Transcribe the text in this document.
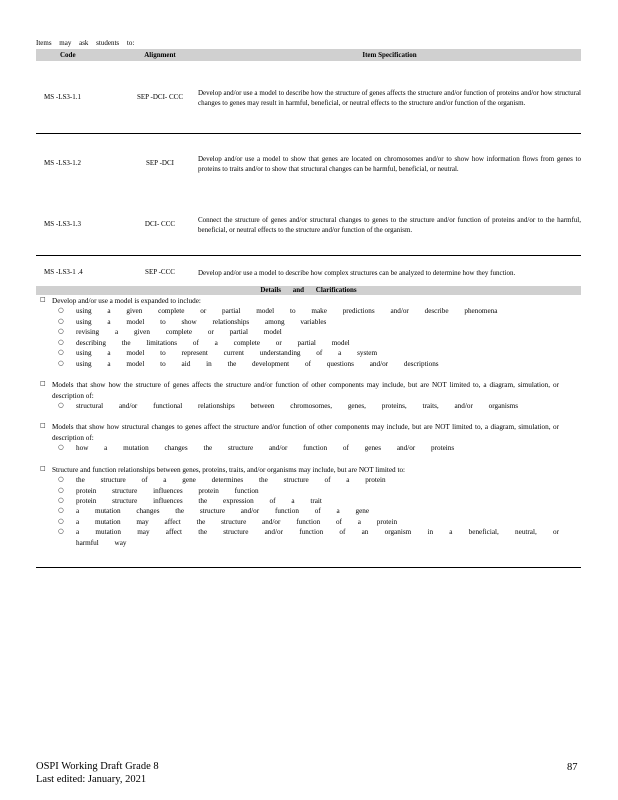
Items may ask students to:
Code	Alignment	Item Specification
MS -LS3-1.1	SEP -DCI- CCC	Develop and/or use a model to describe how the structure of genes affects the structure and/or function of proteins and/or how structural changes to genes may result in harmful, beneficial, or neutral effects to the structure and/or function of the organism.

MS -LS3-1.2	SEP -DCI	Develop and/or use a model to show that genes are located on chromosomes and/or to show how information flows from genes to proteins to traits and/or to show that structural changes can be harmful, beneficial, or neutral.

MS -LS3-1.3	DCI- CCC	Connect the structure of genes and/or structural changes to genes to the structure and/or function of proteins and/or to the harmful, beneficial, or neutral effects to the structure and/or function of the organism.

MS -LS3-1 .4	SEP -CCC	Develop and/or use a model to describe how complex structures can be analyzed to determine how they function.

Details and Clarifications
□ Develop and/or use a model is expanded to include:
○	using a given complete or partial model to make predictions and/or describe phenomena
○	using a model to show relationships among variables
○	revising a given complete or partial model
○	describing the limitations of a complete or partial model
○	using a model to represent current understanding of a system
○	using a model to aid in the development of questions and/or descriptions
□ Models that show how the structure of genes affects the structure and/or function of other components may include, but are NOT limited to, a diagram, simulation, or description of:
○	structural and/or functional relationships between chromosomes, genes, proteins, traits, and/or organisms
□ Models that show how structural changes to genes affect the structure and/or function of other components may include, but are NOT limited to, a diagram, simulation, or description of:
○	how a mutation changes the structure and/or function of genes and/or proteins
□ Structure and function relationships between genes, proteins, traits, and/or organisms may include, but are NOT limited to:
○	the structure of a gene determines the structure of a protein
○	protein structure influences protein function
○	protein structure influences the expression of a trait
○	a mutation changes the structure and/or function of a gene
○	a mutation may affect the structure and/or function of a protein
○	a mutation may affect the structure and/or function of an organism in a beneficial, neutral, or harmful way
OSPI Working Draft Grade 8
Last edited: January, 2021
87
